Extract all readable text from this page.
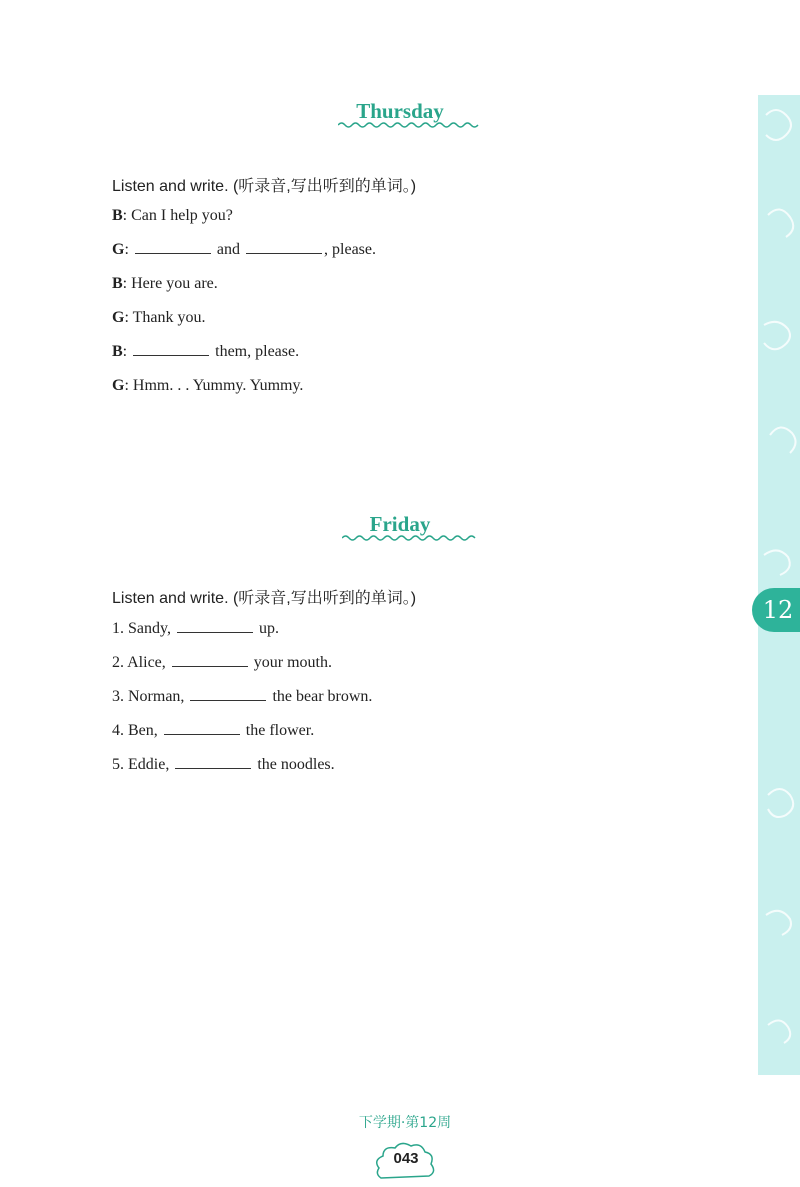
12
Thursday
Listen and write. (听录音,写出听到的单词。)
B: Can I help you?
G:	and	, please.
B: Here you are.
G: Thank you.
B:	them, please.
G: Hmm. . . Yummy. Yummy.
Friday
Listen and write. (听录音,写出听到的单词。)
1. Sandy,	up.
2. Alice,	your mouth.
3. Norman,	the bear brown.
4. Ben,	the flower.
5. Eddie,	the noodles.
下学期·第12周
043
